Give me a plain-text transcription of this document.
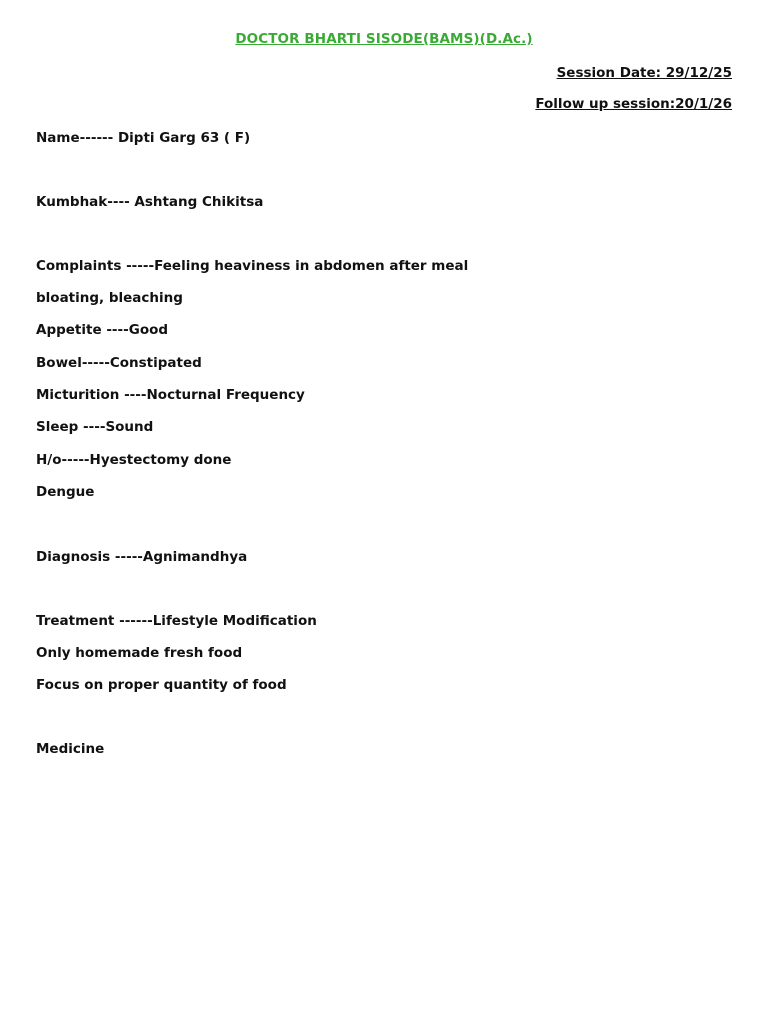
DOCTOR BHARTI SISODE(BAMS)(D.Ac.)
Session Date: 29/12/25
Follow up session:20/1/26
Name------ Dipti Garg 63 ( F)
Kumbhak---- Ashtang Chikitsa
Complaints -----Feeling heaviness in abdomen after meal
bloating, bleaching
Appetite ----Good
Bowel-----Constipated
Micturition ----Nocturnal Frequency
Sleep ----Sound
H/o-----Hyestectomy done
Dengue
Diagnosis -----Agnimandhya
Treatment ------Lifestyle Modification
Only homemade fresh food
Focus on proper quantity of food
Medicine
